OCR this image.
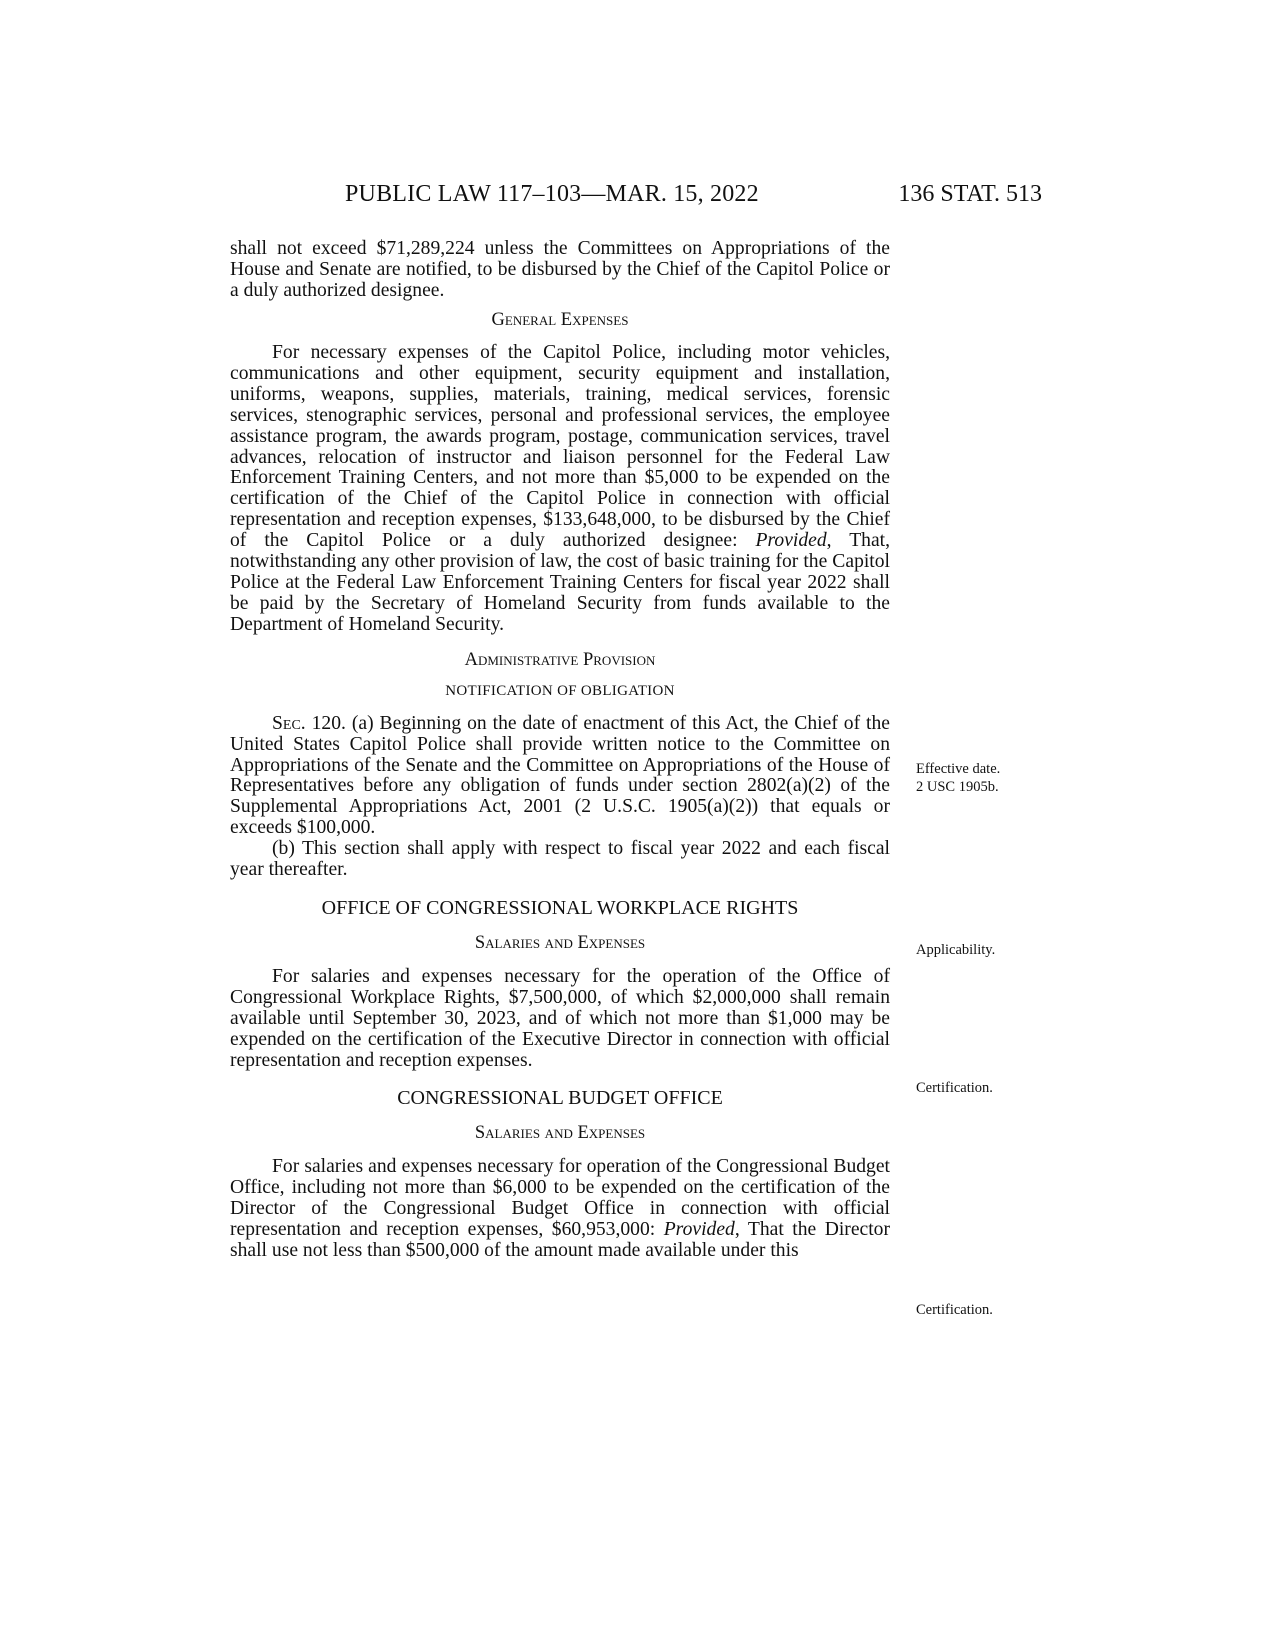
PUBLIC LAW 117–103—MAR. 15, 2022	136 STAT. 513

shall not exceed $71,289,224 unless the Committees on Appropriations of the House and Senate are notified, to be disbursed by the Chief of the Capitol Police or a duly authorized designee.

General Expenses

For necessary expenses of the Capitol Police, including motor vehicles, communications and other equipment, security equipment and installation, uniforms, weapons, supplies, materials, training, medical services, forensic services, stenographic services, personal and professional services, the employee assistance program, the awards program, postage, communication services, travel advances, relocation of instructor and liaison personnel for the Federal Law Enforcement Training Centers, and not more than $5,000 to be expended on the certification of the Chief of the Capitol Police in connection with official representation and reception expenses, $133,648,000, to be disbursed by the Chief of the Capitol Police or a duly authorized designee: Provided, That, notwithstanding any other provision of law, the cost of basic training for the Capitol Police at the Federal Law Enforcement Training Centers for fiscal year 2022 shall be paid by the Secretary of Homeland Security from funds available to the Department of Homeland Security.

Administrative Provision
NOTIFICATION OF OBLIGATION

Sec. 120. (a) Beginning on the date of enactment of this Act, the Chief of the United States Capitol Police shall provide written notice to the Committee on Appropriations of the Senate and the Committee on Appropriations of the House of Representatives before any obligation of funds under section 2802(a)(2) of the Supplemental Appropriations Act, 2001 (2 U.S.C. 1905(a)(2)) that equals or exceeds $100,000.

(b) This section shall apply with respect to fiscal year 2022 and each fiscal year thereafter.

OFFICE OF CONGRESSIONAL WORKPLACE RIGHTS
Salaries and Expenses

For salaries and expenses necessary for the operation of the Office of Congressional Workplace Rights, $7,500,000, of which $2,000,000 shall remain available until September 30, 2023, and of which not more than $1,000 may be expended on the certification of the Executive Director in connection with official representation and reception expenses.

CONGRESSIONAL BUDGET OFFICE
Salaries and Expenses

For salaries and expenses necessary for operation of the Congressional Budget Office, including not more than $6,000 to be expended on the certification of the Director of the Congressional Budget Office in connection with official representation and reception expenses, $60,953,000: Provided, That the Director shall use not less than $500,000 of the amount made available under this

Effective date.
2 USC 1905b.
Applicability.
Certification.
Certification.
